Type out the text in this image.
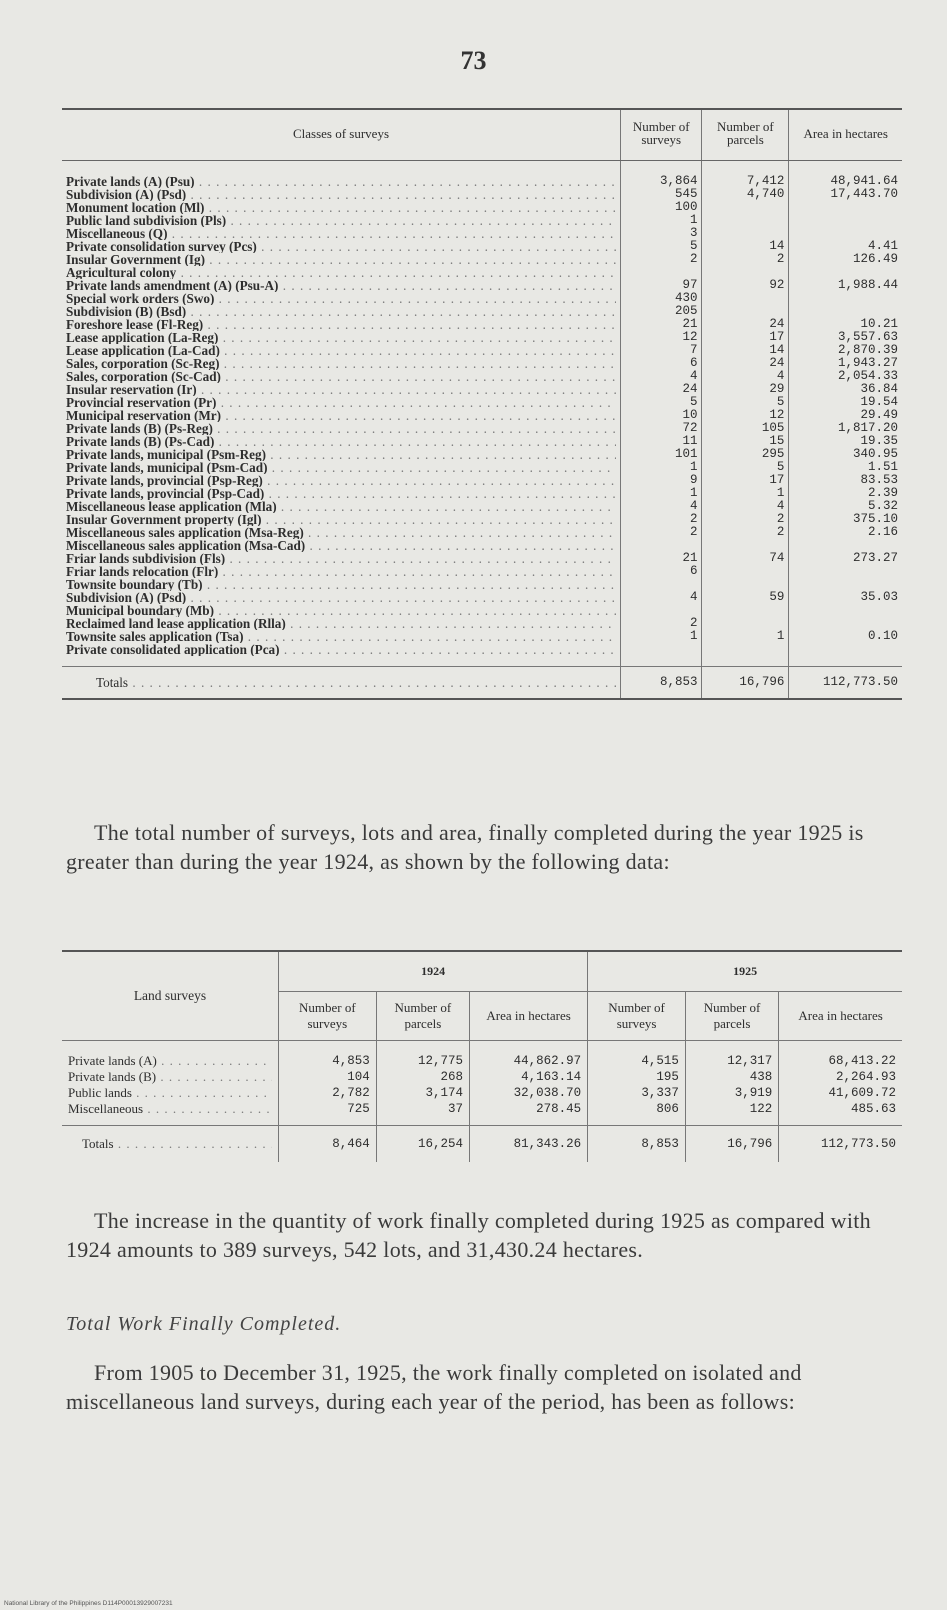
73
Classes of surveys	Number of surveys	Number of parcels	Area in hectares

Private lands (A) (Psu) . . .	3,864	7,412	48,941.64

Subdivision (A) (Psd) . . .	545	4,740	17,443.70

Monument location (Ml) . . .	100		

Public land subdivision (Pls) . . .	1		

Miscellaneous (Q) . . .	3		

Private consolidation survey (Pcs) . . .	5	14	4.41

Insular Government (Ig) . . .	2	2	126.49

Agricultural colony . . .

Private lands amendment (A) (Psu-A) . . .	97	92	1,988.44

Special work orders (Swo) . . .	430		

Subdivision (B) (Bsd) . . .	205		

Foreshore lease (Fl-Reg) . . .	21	24	10.21

Lease application (La-Reg) . . .	12	17	3,557.63

Lease application (La-Cad) . . .	7	14	2,870.39

Sales, corporation (Sc-Reg) . . .	6	24	1,943.27

Sales, corporation (Sc-Cad) . . .	4	4	2,054.33

Insular reservation (Ir) . . .	24	29	36.84

Provincial reservation (Pr) . . .	5	5	19.54

Municipal reservation (Mr) . . .	10	12	29.49

Private lands (B) (Ps-Reg) . . .	72	105	1,817.20

Private lands (B) (Ps-Cad) . . .	11	15	19.35

Private lands, municipal (Psm-Reg) . . .	101	295	340.95

Private lands, municipal (Psm-Cad) . . .	1	5	1.51

Private lands, provincial (Psp-Reg) . . .	9	17	83.53

Private lands, provincial (Psp-Cad) . . .	1	1	2.39

Miscellaneous lease application (Mla) . . .	4	4	5.32

Insular Government property (Igl) . . .	2	2	375.10

Miscellaneous sales application (Msa-Reg) . . .	2	2	2.16

Miscellaneous sales application (Msa-Cad) . . .

Friar lands subdivision (Fls) . . .	21	74	273.27

Friar lands relocation (Flr) . . .	6		

Townsite boundary (Tb) . . .

Subdivision (A) (Psd) . . .	4	59	35.03

Municipal boundary (Mb) . . .

Reclaimed land lease application (Rlla) . . .	2		

Townsite sales application (Tsa) . . .	1	1	0.10

Private consolidated application (Pca) . . .

Totals . . .	8,853	16,796	112,773.50
The total number of surveys, lots and area, finally completed during the year 1925 is greater than during the year 1924, as shown by the following data:
Land surveys	1924			1925		
	Number of surveys	Number of parcels	Area in hectares	Number of surveys	Number of parcels	Area in hectares

Private lands (A) . . .	4,853	12,775	44,862.97	4,515	12,317	68,413.22

Private lands (B) . . .	104	268	4,163.14	195	438	2,264.93

Public lands . . .	2,782	3,174	32,038.70	3,337	3,919	41,609.72

Miscellaneous . . .	725	37	278.45	806	122	485.63

Totals . . .	8,464	16,254	81,343.26	8,853	16,796	112,773.50
The increase in the quantity of work finally completed during 1925 as compared with 1924 amounts to 389 surveys, 542 lots, and 31,430.24 hectares.
Total Work Finally Completed.
From 1905 to December 31, 1925, the work finally completed on isolated and miscellaneous land surveys, during each year of the period, has been as follows:
National Library of the Philippines D114P00013929007231
